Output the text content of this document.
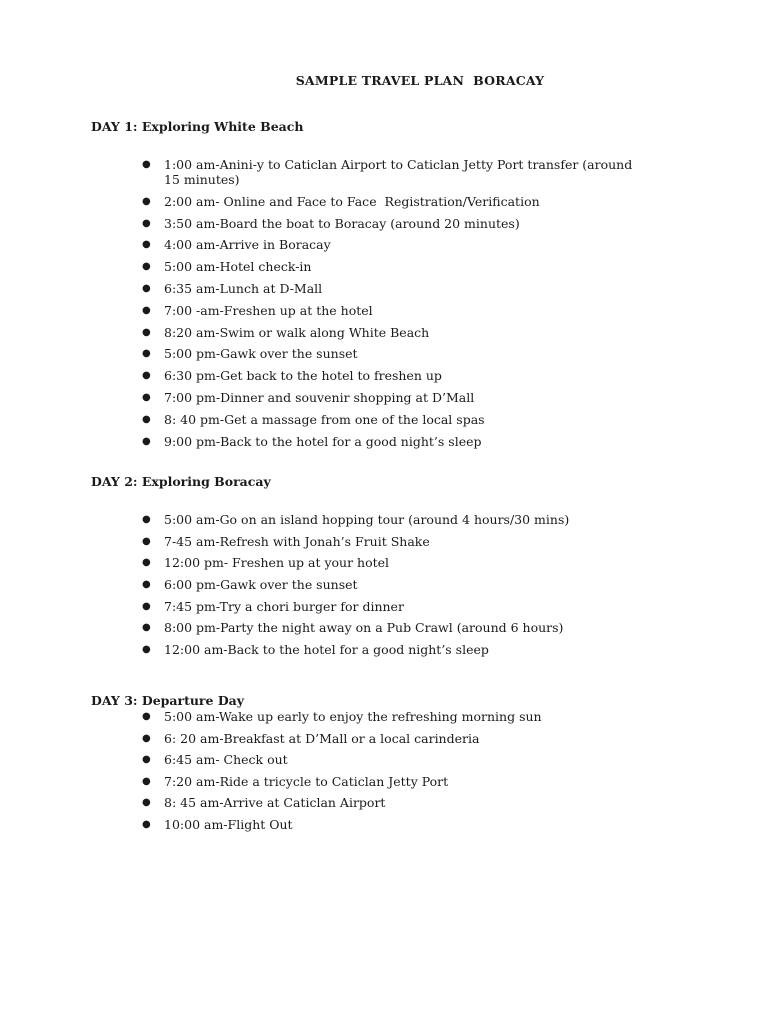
SAMPLE TRAVEL PLAN  BORACAY
DAY 1: Exploring White Beach
● 1:00 am-Anini-y to Caticlan Airport to Caticlan Jetty Port transfer (around 15 minutes)
● 2:00 am- Online and Face to Face  Registration/Verification
● 3:50 am-Board the boat to Boracay (around 20 minutes)
● 4:00 am-Arrive in Boracay
● 5:00 am-Hotel check-in
● 6:35 am-Lunch at D-Mall
● 7:00 -am-Freshen up at the hotel
● 8:20 am-Swim or walk along White Beach
● 5:00 pm-Gawk over the sunset
● 6:30 pm-Get back to the hotel to freshen up
● 7:00 pm-Dinner and souvenir shopping at D’Mall
● 8: 40 pm-Get a massage from one of the local spas
● 9:00 pm-Back to the hotel for a good night’s sleep
DAY 2: Exploring Boracay
● 5:00 am-Go on an island hopping tour (around 4 hours/30 mins)
● 7-45 am-Refresh with Jonah’s Fruit Shake
● 12:00 pm- Freshen up at your hotel
● 6:00 pm-Gawk over the sunset
● 7:45 pm-Try a chori burger for dinner
● 8:00 pm-Party the night away on a Pub Crawl (around 6 hours)
● 12:00 am-Back to the hotel for a good night’s sleep
DAY 3: Departure Day
● 5:00 am-Wake up early to enjoy the refreshing morning sun
● 6: 20 am-Breakfast at D’Mall or a local carinderia
● 6:45 am- Check out
● 7:20 am-Ride a tricycle to Caticlan Jetty Port
● 8: 45 am-Arrive at Caticlan Airport
● 10:00 am-Flight Out
